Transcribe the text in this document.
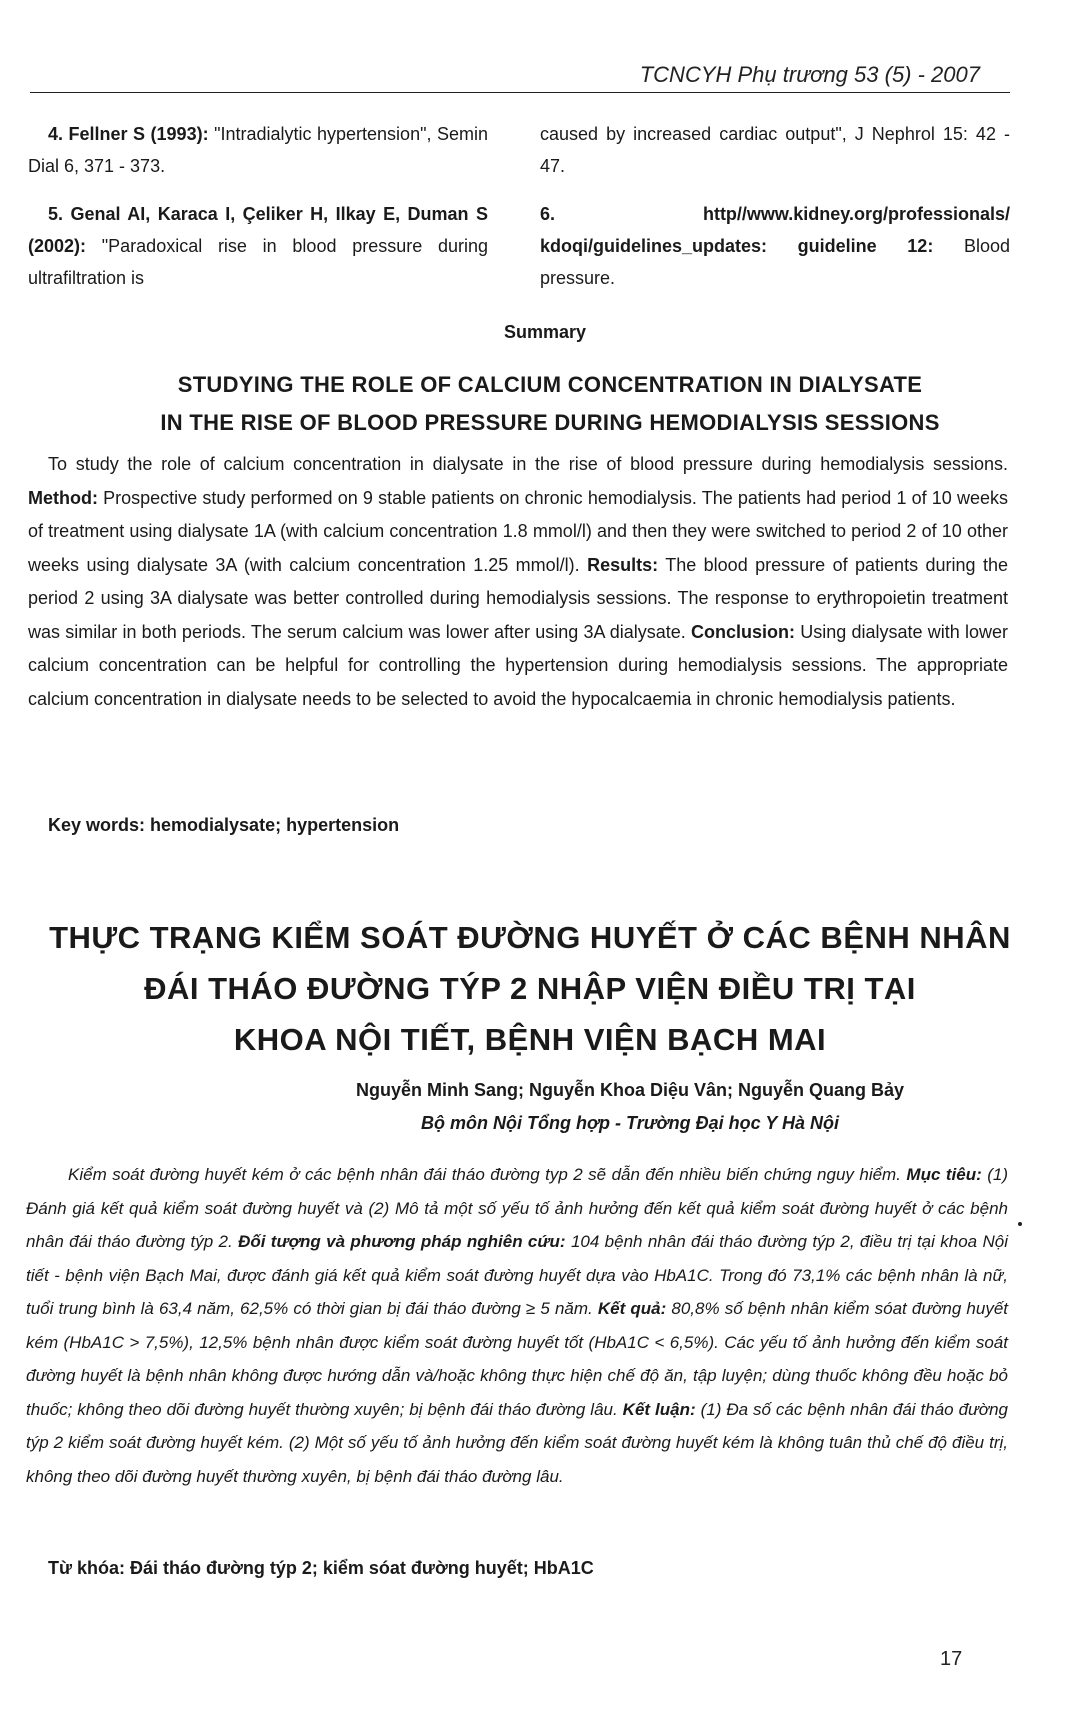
TCNCYH Phụ trương 53 (5) - 2007

4. Fellner S (1993): "Intradialytic hypertension", Semin Dial 6, 371 - 373.

5. Genal AI, Karaca I, Çeliker H, Ilkay E, Duman S (2002): "Paradoxical rise in blood pressure during ultrafiltration is

caused by increased cardiac output", J Nephrol 15: 42 - 47.

6. http//www.kidney.org/professionals/ kdoqi/guidelines_updates: guideline 12: Blood pressure.

Summary
STUDYING THE ROLE OF CALCIUM CONCENTRATION IN DIALYSATE
IN THE RISE OF BLOOD PRESSURE DURING HEMODIALYSIS SESSIONS
To study the role of calcium concentration in dialysate in the rise of blood pressure during hemodialysis sessions. Method: Prospective study performed on 9 stable patients on chronic hemodialysis. The patients had period 1 of 10 weeks of treatment using dialysate 1A (with calcium concentration 1.8 mmol/l) and then they were switched to period 2 of 10 other weeks using dialysate 3A (with calcium concentration 1.25 mmol/l). Results: The blood pressure of patients during the period 2 using 3A dialysate was better controlled during hemodialysis sessions. The response to erythropoietin treatment was similar in both periods. The serum calcium was lower after using 3A dialysate. Conclusion: Using dialysate with lower calcium concentration can be helpful for controlling the hypertension during hemodialysis sessions. The appropriate calcium concentration in dialysate needs to be selected to avoid the hypocalcaemia in chronic hemodialysis patients.
Key words: hemodialysate; hypertension
THỰC TRẠNG KIỂM SOÁT ĐƯỜNG HUYẾT Ở CÁC BỆNH NHÂN
ĐÁI THÁO ĐƯỜNG TÝP 2 NHẬP VIỆN ĐIỀU TRỊ TẠI
KHOA NỘI TIẾT, BỆNH VIỆN BẠCH MAI
Nguyễn Minh Sang; Nguyễn Khoa Diệu Vân; Nguyễn Quang Bảy
Bộ môn Nội Tổng hợp - Trường Đại học Y Hà Nội
Kiểm soát đường huyết kém ở các bệnh nhân đái tháo đường typ 2 sẽ dẫn đến nhiều biến chứng nguy hiểm. Mục tiêu: (1) Đánh giá kết quả kiểm soát đường huyết và (2) Mô tả một số yếu tố ảnh hưởng đến kết quả kiểm soát đường huyết ở các bệnh nhân đái tháo đường týp 2. Đối tượng và phương pháp nghiên cứu: 104 bệnh nhân đái tháo đường týp 2, điều trị tại khoa Nội tiết - bệnh viện Bạch Mai, được đánh giá kết quả kiểm soát đường huyết dựa vào HbA1C. Trong đó 73,1% các bệnh nhân là nữ, tuổi trung bình là 63,4 năm, 62,5% có thời gian bị đái tháo đường ≥ 5 năm. Kết quả: 80,8% số bệnh nhân kiểm sóat đường huyết kém (HbA1C > 7,5%), 12,5% bệnh nhân được kiểm soát đường huyết tốt (HbA1C < 6,5%). Các yếu tố ảnh hưởng đến kiểm soát đường huyết là bệnh nhân không được hướng dẫn và/hoặc không thực hiện chế độ ăn, tập luyện; dùng thuốc không đều hoặc bỏ thuốc; không theo dõi đường huyết thường xuyên; bị bệnh đái tháo đường lâu. Kết luận: (1) Đa số các bệnh nhân đái tháo đường týp 2 kiểm soát đường huyết kém. (2) Một số yếu tố ảnh hưởng đến kiểm soát đường huyết kém là không tuân thủ chế độ điều trị, không theo dõi đường huyết thường xuyên, bị bệnh đái tháo đường lâu.
Từ khóa: Đái tháo đường týp 2; kiểm sóat đường huyết; HbA1C
17
